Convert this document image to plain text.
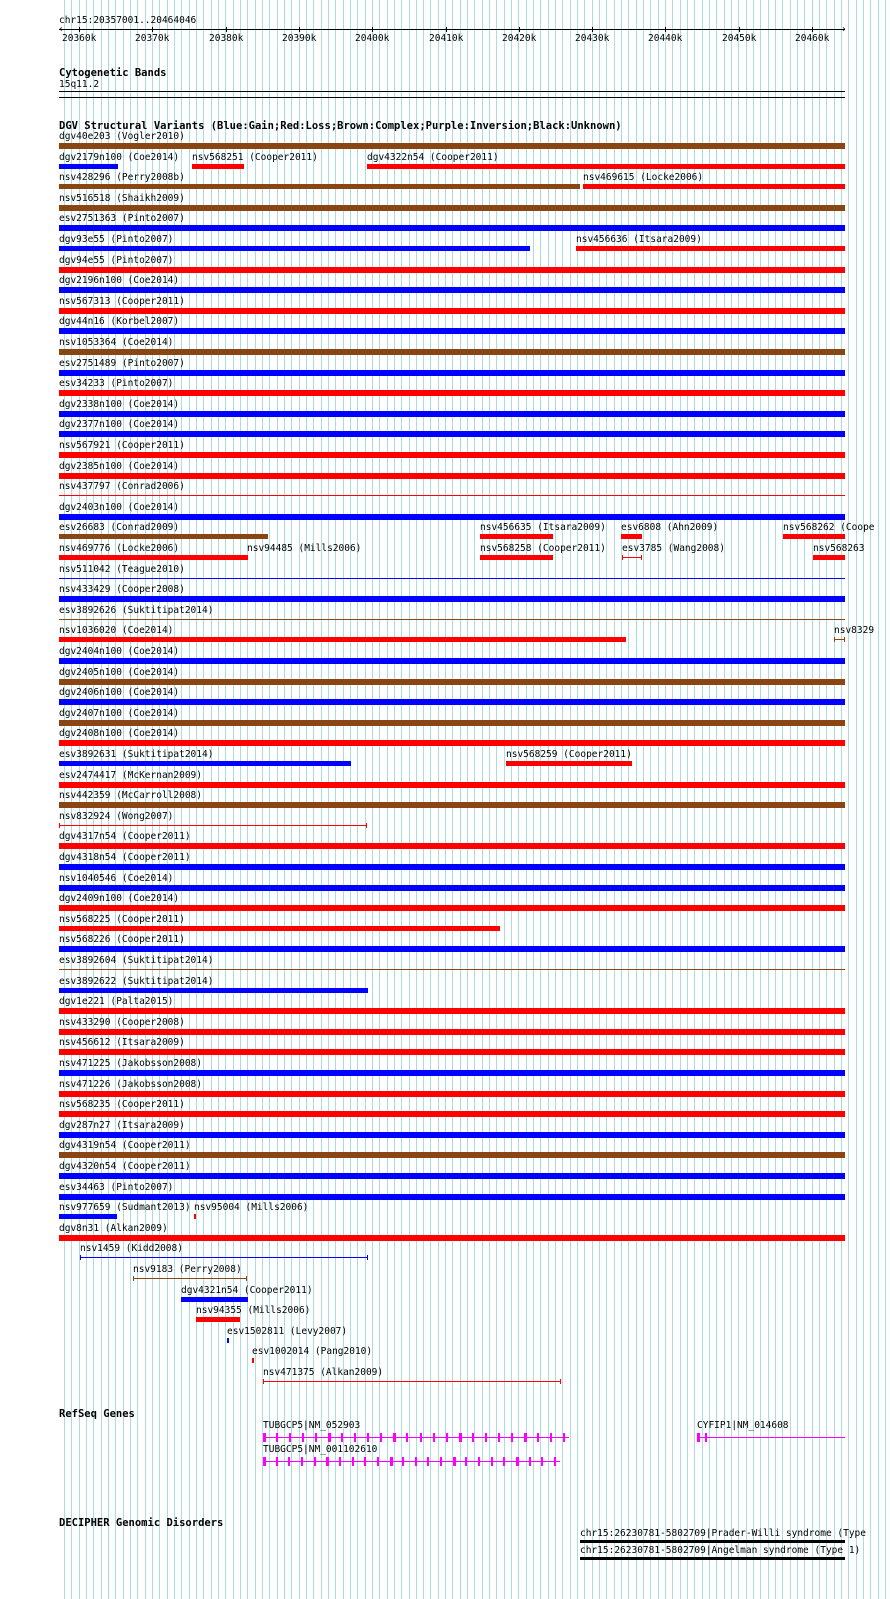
chr15:20357001..20464046
‹	›
20360k	20370k	20380k	20390k	20400k	20410k	20420k	20430k	20440k	20450k	20460k
Cytogenetic Bands
15q11.2
DGV Structural Variants (Blue:Gain;Red:Loss;Brown:Complex;Purple:Inversion;Black:Unknown)
dgv40e203 (Vogler2010)
dgv2179n100 (Coe2014) nsv568251 (Cooper2011)	dgv4322n54 (Cooper2011)
nsv428296 (Perry2008b)	nsv469615 (Locke2006)
nsv516518 (Shaikh2009)
esv2751363 (Pinto2007)
dgv93e55 (Pinto2007)	nsv456636 (Itsara2009)
dgv94e55 (Pinto2007)
dgv2196n100 (Coe2014)
nsv567313 (Cooper2011)
dgv44n16 (Korbel2007)
nsv1053364 (Coe2014)
esv2751489 (Pinto2007)
esv34233 (Pinto2007)
dgv2338n100 (Coe2014)
dgv2377n100 (Coe2014)
nsv567921 (Cooper2011)
dgv2385n100 (Coe2014)
nsv437797 (Conrad2006)
dgv2403n100 (Coe2014)
esv26683 (Conrad2009)	nsv456635 (Itsara2009) esv6808 (Ahn2009)	nsv568262 (Coope
nsv469776 (Locke2006)	nsv94485 (Mills2006)	nsv568258 (Cooper2011) esv3785 (Wang2008)	nsv568263
nsv511042 (Teague2010)
nsv433429 (Cooper2008)
esv3892626 (Suktitipat2014)
nsv1036020 (Coe2014)	nsv8329
dgv2404n100 (Coe2014)
dgv2405n100 (Coe2014)
dgv2406n100 (Coe2014)
dgv2407n100 (Coe2014)
dgv2408n100 (Coe2014)
esv3892631 (Suktitipat2014)	nsv568259 (Cooper2011)
esv2474417 (McKernan2009)
nsv442359 (McCarroll2008)
nsv832924 (Wong2007)
dgv4317n54 (Cooper2011)
dgv4318n54 (Cooper2011)
nsv1040546 (Coe2014)
dgv2409n100 (Coe2014)
nsv568225 (Cooper2011)
nsv568226 (Cooper2011)
esv3892604 (Suktitipat2014)
esv3892622 (Suktitipat2014)
dgv1e221 (Palta2015)
nsv433290 (Cooper2008)
nsv456612 (Itsara2009)
nsv471225 (Jakobsson2008)
nsv471226 (Jakobsson2008)
nsv568235 (Cooper2011)
dgv287n27 (Itsara2009)
dgv4319n54 (Cooper2011)
dgv4320n54 (Cooper2011)
esv34463 (Pinto2007)
nsv977659 (Sudmant2013) nsv95004 (Mills2006)
dgv8n31 (Alkan2009)
nsv1459 (Kidd2008)
nsv9183 (Perry2008)
dgv4321n54 (Cooper2011)
nsv94355 (Mills2006)
esv1502811 (Levy2007)
esv1002014 (Pang2010)
nsv471375 (Alkan2009)
RefSeq Genes
TUBGCP5|NM_052903
TUBGCP5|NM_001102610
CYFIP1|NM_014608
DECIPHER Genomic Disorders
chr15:26230781-5802709|Prader-Willi syndrome (Type
chr15:26230781-5802709|Angelman syndrome (Type 1)
